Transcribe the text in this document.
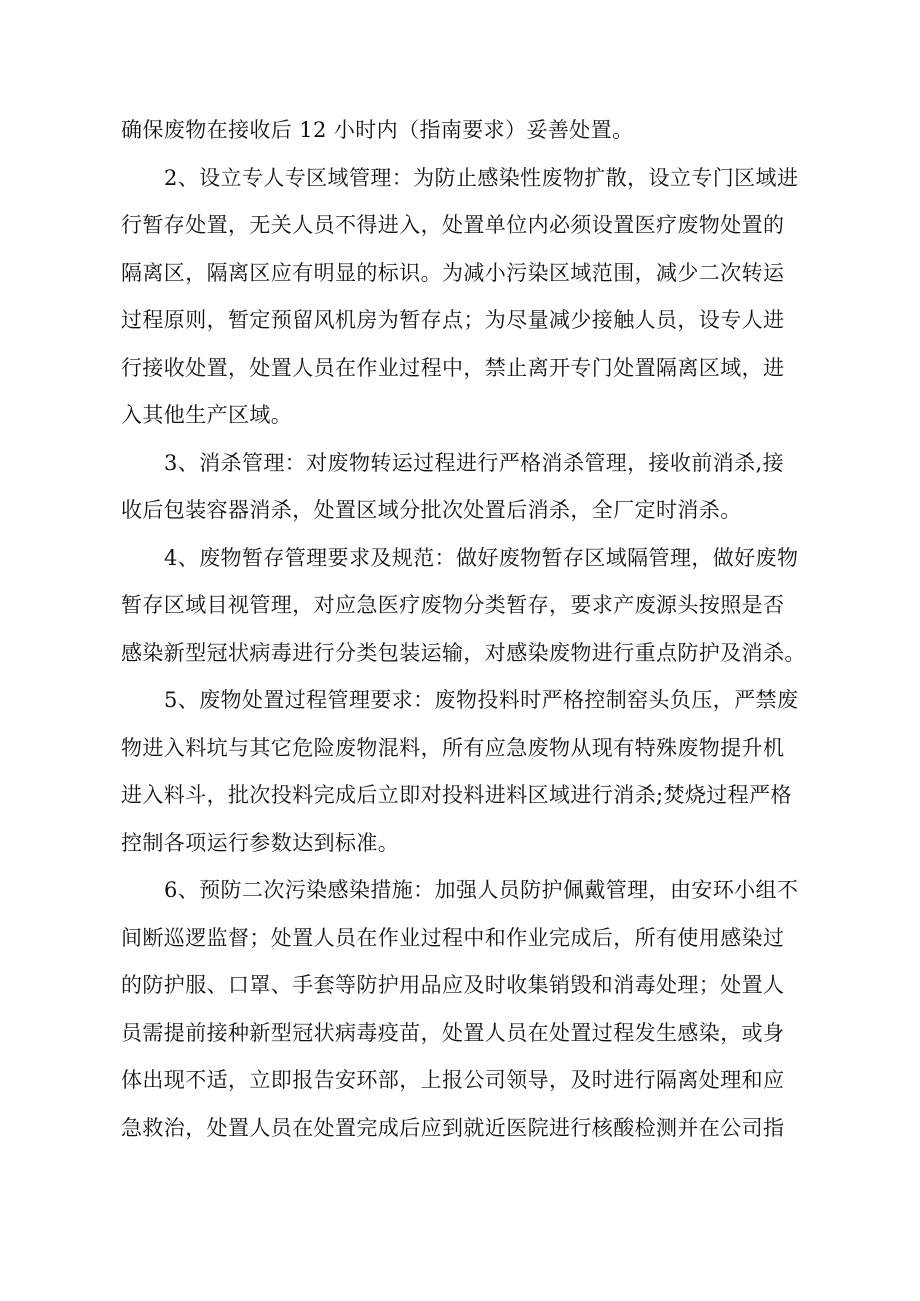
确保废物在接收后 12 小时内（指南要求）妥善处置。
2、设立专人专区域管理：为防止感染性废物扩散，设立专门区域进
行暂存处置，无关人员不得进入，处置单位内必须设置医疗废物处置的
隔离区，隔离区应有明显的标识。为减小污染区域范围，减少二次转运
过程原则，暂定预留风机房为暂存点；为尽量减少接触人员，设专人进
行接收处置，处置人员在作业过程中，禁止离开专门处置隔离区域，进
入其他生产区域。
3、消杀管理：对废物转运过程进行严格消杀管理，接收前消杀,接
收后包装容器消杀，处置区域分批次处置后消杀，全厂定时消杀。
4、废物暂存管理要求及规范：做好废物暂存区域隔管理，做好废物
暂存区域目视管理，对应急医疗废物分类暂存，要求产废源头按照是否
感染新型冠状病毒进行分类包装运输，对感染废物进行重点防护及消杀。
5、废物处置过程管理要求：废物投料时严格控制窑头负压，严禁废
物进入料坑与其它危险废物混料，所有应急废物从现有特殊废物提升机
进入料斗，批次投料完成后立即对投料进料区域进行消杀;焚烧过程严格
控制各项运行参数达到标准。
6、预防二次污染感染措施：加强人员防护佩戴管理，由安环小组不
间断巡逻监督；处置人员在作业过程中和作业完成后，所有使用感染过
的防护服、口罩、手套等防护用品应及时收集销毁和消毒处理；处置人
员需提前接种新型冠状病毒疫苗，处置人员在处置过程发生感染，或身
体出现不适，立即报告安环部，上报公司领导，及时进行隔离处理和应
急救治，处置人员在处置完成后应到就近医院进行核酸检测并在公司指
